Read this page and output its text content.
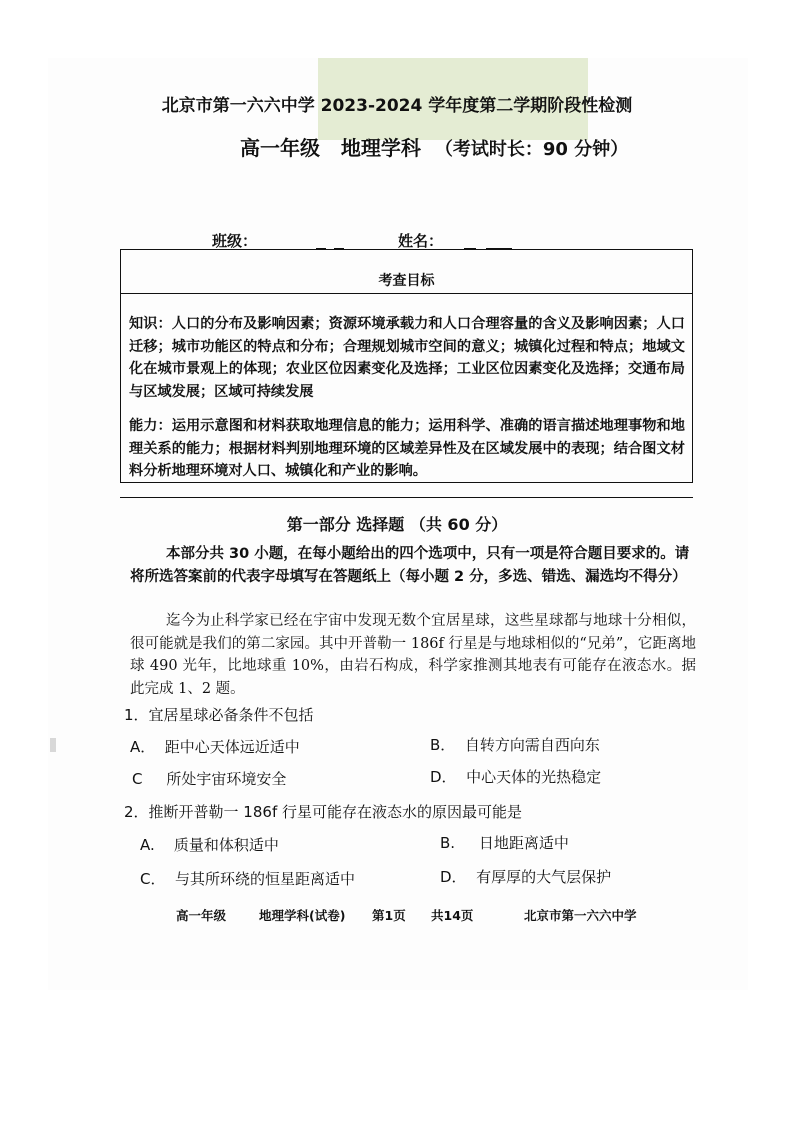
北京市第一六六中学 2023-2024 学年度第二学期阶段性检测
高一年级   地理学科 （考试时长：90 分钟）
班级：	姓名：
考查目标
知识：人口的分布及影响因素；资源环境承载力和人口合理容量的含义及影响因素；人口迁移；城市功能区的特点和分布；合理规划城市空间的意义；城镇化过程和特点；地域文化在城市景观上的体现；农业区位因素变化及选择；工业区位因素变化及选择；交通布局与区域发展；区域可持续发展
能力：运用示意图和材料获取地理信息的能力；运用科学、准确的语言描述地理事物和地理关系的能力；根据材料判别地理环境的区域差异性及在区域发展中的表现；结合图文材料分析地理环境对人口、城镇化和产业的影响。
第一部分 选择题 （共 60 分）
本部分共 30 小题，在每小题给出的四个选项中，只有一项是符合题目要求的。请将所选答案前的代表字母填写在答题纸上（每小题 2 分，多选、错选、漏选均不得分）
迄今为止科学家已经在宇宙中发现无数个宜居星球，这些星球都与地球十分相似，很可能就是我们的第二家园。其中开普勒一 186f 行星是与地球相似的“兄弟”，它距离地球 490 光年，比地球重 10%，由岩石构成，科学家推测其地表有可能存在液态水。据此完成 1、2 题。
1．宜居星球必备条件不包括
A．  距中心天体远近适中	B．  自转方向需自西向东
C     所处宇宙环境安全	D．  中心天体的光热稳定
2．推断开普勒一 186f 行星可能存在液态水的原因最可能是
A.    质量和体积适中	B.     日地距离适中
C．  与其所环绕的恒星距离适中	D．  有厚厚的大气层保护
高一年级	地理学科(试卷) 第1页 共14页	北京市第一六六中学
